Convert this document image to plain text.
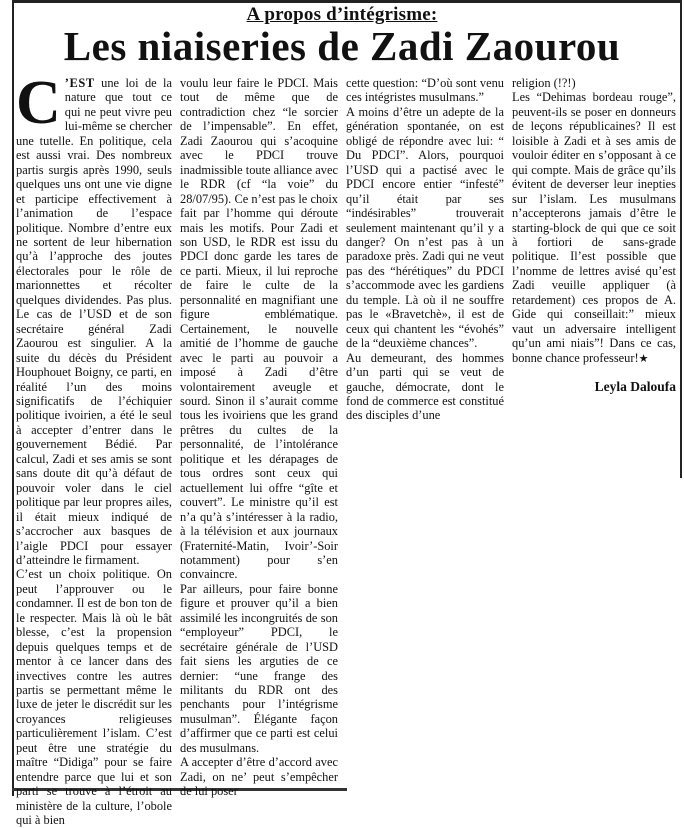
A propos d’intégrisme:
Les niaiseries de Zadi Zaourou

C ’EST une loi de la nature que tout ce qui ne peut vivre peu lui-même se chercher une tutelle. En politique, cela est aussi vrai. Des nombreux partis surgis après 1990, seuls quelques uns ont une vie digne et participe effectivement à l’animation de l’espace politique. Nombre d’entre eux ne sortent de leur hibernation qu’à l’approche des joutes électorales pour le rôle de marionnettes et récolter quelques dividendes. Pas plus. Le cas de l’USD et de son secrétaire général Zadi Zaourou est singulier. A la suite du décès du Président Houphouet Boigny, ce parti, en réalité l’un des moins significatifs de l’échiquier politique ivoirien, a été le seul à accepter d’entrer dans le gouvernement Bédié. Par calcul, Zadi et ses amis se sont sans doute dit qu’à défaut de pouvoir voler dans le ciel politique par leur propres ailes, il était mieux indiqué de s’accrocher aux basques de l’aigle PDCI pour essayer d’atteindre le firmament.

C’est un choix politique. On peut l’approuver ou le condamner. Il est de bon ton de le respecter. Mais là où le bât blesse, c’est la propension depuis quelques temps et de mentor à ce lancer dans des invectives contre les autres partis se permettant même le luxe de jeter le discrédit sur les croyances religieuses particulièrement l’islam. C’est peut être une stratégie du maître “Didiga” pour se faire entendre parce que lui et son parti se trouve à l’étroit au ministère de la culture, l’obole qui à bien

voulu leur faire le PDCI. Mais tout de même que de contradiction chez “le sorcier de l’impensable”. En effet, Zadi Zaourou qui s’acoquine avec le PDCI trouve inadmissible toute alliance avec le RDR (cf “la voie” du 28/07/95). Ce n’est pas le choix fait par l’homme qui déroute mais les motifs. Pour Zadi et son USD, le RDR est issu du PDCI donc garde les tares de ce parti. Mieux, il lui reproche de faire le culte de la personnalité en magnifiant une figure emblématique. Certainement, le nouvelle amitié de l’homme de gauche avec le parti au pouvoir a imposé à Zadi d’être volontairement aveugle et sourd. Sinon il s’aurait comme tous les ivoiriens que les grand prêtres du cultes de la personnalité, de l’intolérance politique et les dérapages de tous ordres sont ceux qui actuellement lui offre “gîte et couvert”. Le ministre qu’il est n’a qu’à s’intéresser à la radio, à la télévision et aux journaux (Fraternité-Matin, Ivoir’-Soir notamment) pour s’en convaincre.

Par ailleurs, pour faire bonne figure et prouver qu’il a bien assimilé les incongruités de son “employeur” PDCI, le secrétaire générale de l’USD fait siens les arguties de ce dernier: “une frange des militants du RDR ont des penchants pour l’intégrisme musulman”. Élégante façon d’affirmer que ce parti est celui des musulmans.

A accepter d’être d’accord avec Zadi, on ne’ peut s’empêcher de lui poser

cette question: “D’où sont venu ces intégristes musulmans.”

A moins d’être un adepte de la génération spontanée, on est obligé de répondre avec lui: “ Du PDCI”. Alors, pourquoi l’USD qui a pactisé avec le PDCI encore entier “infesté” qu’il était par ses “indésirables” trouverait seulement maintenant qu’il y a danger? On n’est pas à un paradoxe près. Zadi qui ne veut pas des “hérétiques” du PDCI s’accommode avec les gardiens du temple. Là où il ne souffre pas le «Bravetchè», il est de ceux qui chantent les “évohés” de la “deuxième chances”.

Au demeurant, des hommes d’un parti qui se veut de gauche, démocrate, dont le fond de commerce est constitué des disciples d’une

religion (!?!)

Les “Dehimas bordeau rouge”, peuvent-ils se poser en donneurs de leçons républicaines? Il est loisible à Zadi et à ses amis de vouloir éditer en s’opposant à ce qui compte. Mais de grâce qu’ils évitent de deverser leur inepties sur l’islam. Les musulmans n’accepterons jamais d’être le starting-block de qui que ce soit à fortiori de sans-grade politique. Il’est possible que l’nomme de lettres avisé qu’est Zadi veuille appliquer (à retardement) ces propos de A. Gide qui conseillait:” mieux vaut un adversaire intelligent qu’un ami niais”! Dans ce cas, bonne chance professeur!★

Leyla Daloufa
